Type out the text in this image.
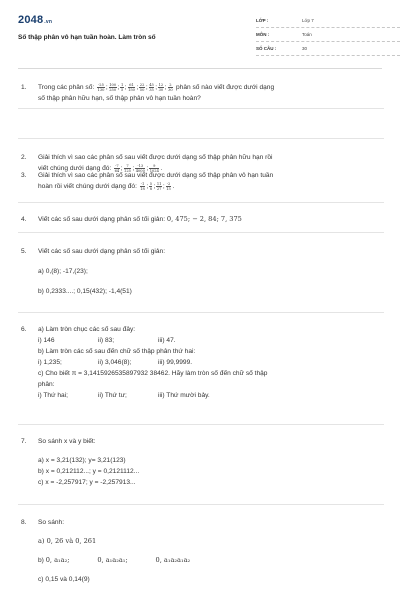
2048.vn
Số thập phân vô hạn tuần hoàn. Làm tròn số
LỚP :	Lớp 7
MÔN :	Toán
SỐ CÂU :	30
1. Trong các phân số: $\frac{-25}{130}$ ; $\frac{100}{250}$ ; $\frac{1}{5}$ ; $\frac{61}{150}$ ; $\frac{22}{50}$ ; $\frac{45}{35}$ ; $\frac{12}{30}$ ; $\frac{2}{30}$ phân số nào viết được dưới dạng
số thập phân hữu hạn, số thập phân vô hạn tuần hoàn?
2. Giải thích vì sao các phân số sau viết được dưới dạng số thập phân hữu hạn rồi
viết chúng dưới dạng đó: $\frac{-7}{64}$ ; $\frac{7}{125}$ ; $\frac{-13}{4000}$ ; $\frac{9}{1024}$ .
3. Giải thích vì sao các phân số sau viết được dưới dạng số thập phân vô hạn tuần
hoàn rồi viết chúng dưới dạng đó: $\frac{-1}{18}$ ; $\frac{5}{8}$ ; $\frac{11}{27}$ ; $\frac{-2}{15}$ .
4. Viết các số sau dưới dạng phân số tối giản: 0, 475; − 2, 84; 7, 375
5. Viết các số sau dưới dạng phân số tối giản:
a) 0,(8); -17,(23);
b) 0,2333....; 0,15(432); -1,4(51)
6. a) Làm tròn chục các số sau đây:
i) 146	ii) 83;	iii) 47.
b) Làm tròn các số sau đến chữ số thập phân thứ hai:
i) 1,235;	ii) 3,046(8);	iii) 99,9999.
c) Cho biết π = 3,1415926535897932 38462. Hãy làm tròn số đến chữ số thập
phân:
i) Thứ hai;	ii) Thứ tư;	iii) Thứ mười bảy.
7. So sánh x và y biết:
a) x = 3,21(132); y= 3,21(123)
b) x = 0,212112...; y = 0,2121112...
c) x = -2,257917; y = -2,257913...
8. So sánh:
a) 0, 26 và 0, 261
b) 0, a₁a₂;	0, a₁a₂a₁;	0, a₁a₂a₁a₂
c) 0,15 và 0,14(9)
